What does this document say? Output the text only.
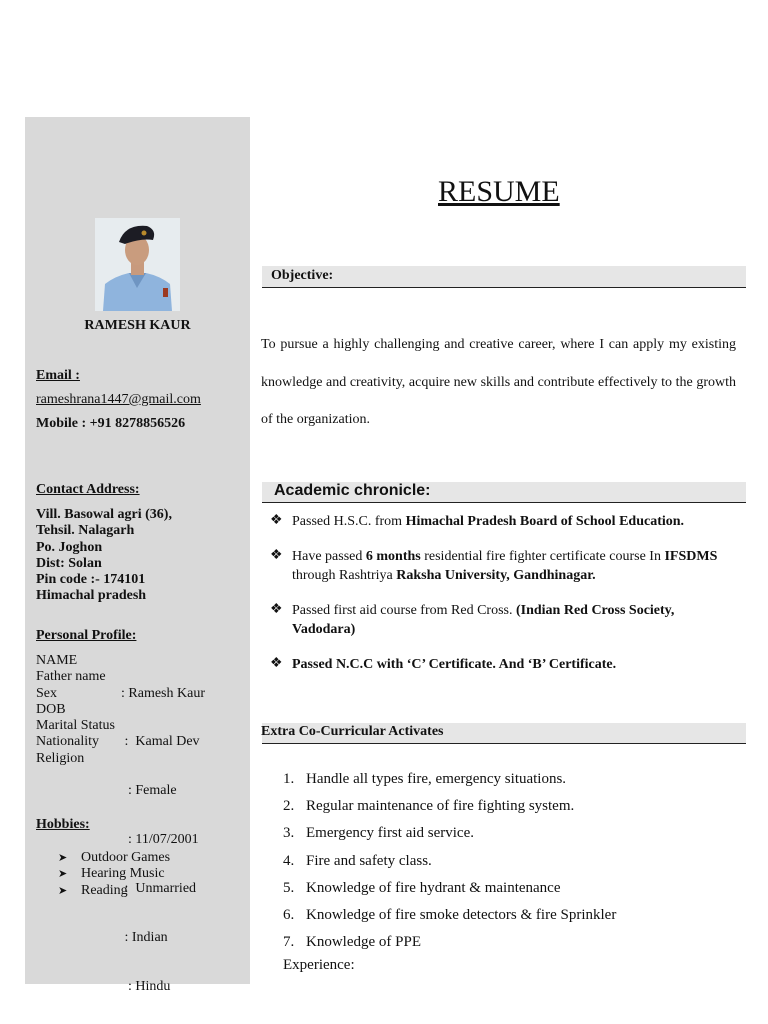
RAMESH KAUR
Email :
rameshrana1447@gmail.com
Mobile : +91 8278856526
Contact Address:
Vill. Basowal agri (36),
Tehsil. Nalagarh
Po. Joghon
Dist: Solan
Pin code :- 174101
Himachal pradesh
Personal Profile:
NAME
Father name
Sex
DOB
Marital Status
Nationality
Religion

: Ramesh Kaur

:  Kamal Dev

: Female

: 11/07/2001

:  Unmarried

: Indian

: Hindu

Hobbies:
➤ Outdoor Games
➤ Hearing Music
➤ Reading
RESUME
Objective:
To pursue a highly challenging and creative career, where I can apply my existing knowledge and creativity, acquire new skills and contribute effectively to the growth of the organization.
Academic chronicle:
❖ Passed H.S.C. from Himachal Pradesh Board of School Education.
❖ Have passed 6 months residential fire fighter certificate course In IFSDMS through Rashtriya Raksha University, Gandhinagar.
❖ Passed first aid course from Red Cross. (Indian Red Cross Society, Vadodara)
❖ Passed N.C.C with ‘C’ Certificate. And ‘B’ Certificate.
Extra Co-Curricular Activates
1. Handle all types fire, emergency situations.
2. Regular maintenance of fire fighting system.
3. Emergency first aid service.
4. Fire and safety class.
5. Knowledge of fire hydrant & maintenance
6. Knowledge of fire smoke detectors & fire Sprinkler
7. Knowledge of PPE
Experience:
